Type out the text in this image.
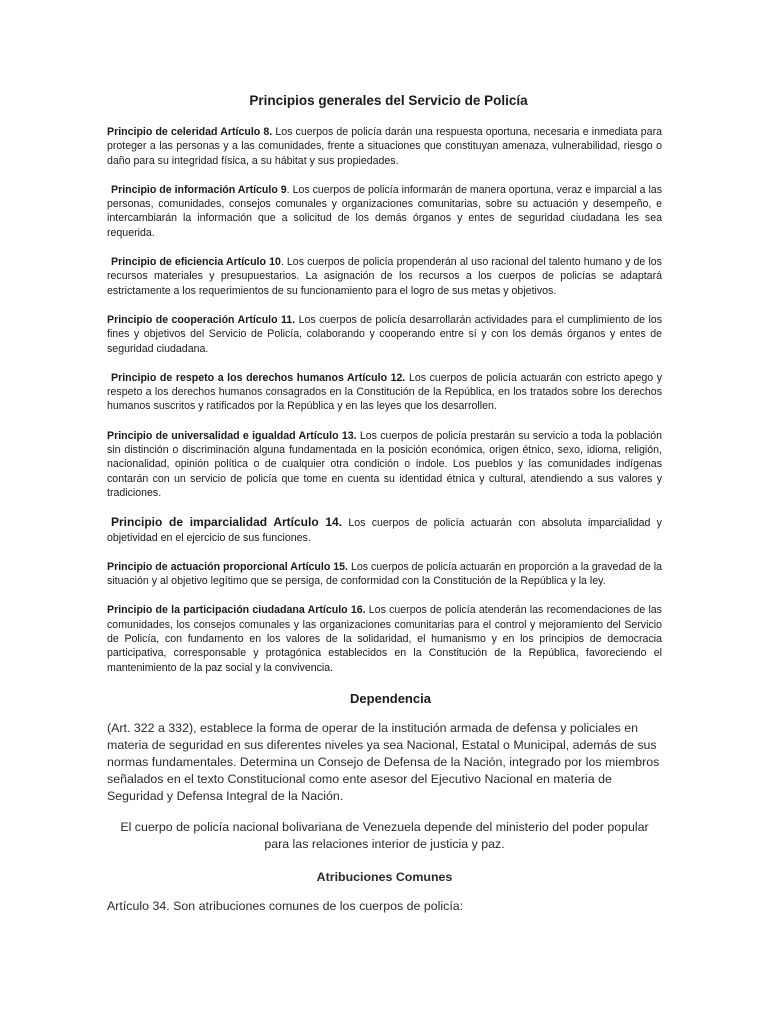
Principios generales del Servicio de Policía

Principio de celeridad Artículo 8. Los cuerpos de policía darán una respuesta oportuna, necesaria e inmediata para proteger a las personas y a las comunidades, frente a situaciones que constituyan amenaza, vulnerabilidad, riesgo o daño para su integridad física, a su hábitat y sus propiedades.

Principio de información Artículo 9. Los cuerpos de policía informarán de manera oportuna, veraz e imparcial a las personas, comunidades, consejos comunales y organizaciones comunitarias, sobre su actuación y desempeño, e intercambiarán la información que a solicitud de los demás órganos y entes de seguridad ciudadana les sea requerida.

Principio de eficiencia Artículo 10. Los cuerpos de policía propenderán al uso racional del talento humano y de los recursos materiales y presupuestarios. La asignación de los recursos a los cuerpos de policías se adaptará estrictamente a los requerimientos de su funcionamiento para el logro de sus metas y objetivos.

Principio de cooperación Artículo 11. Los cuerpos de policía desarrollarán actividades para el cumplimiento de los fines y objetivos del Servicio de Policía, colaborando y cooperando entre sí y con los demás órganos y entes de seguridad ciudadana.

Principio de respeto a los derechos humanos Artículo 12. Los cuerpos de policía actuarán con estricto apego y respeto a los derechos humanos consagrados en la Constitución de la República, en los tratados sobre los derechos humanos suscritos y ratificados por la República y en las leyes que los desarrollen.

Principio de universalidad e igualdad Artículo 13. Los cuerpos de policía prestarán su servicio a toda la población sin distinción o discriminación alguna fundamentada en la posición económica, origen étnico, sexo, idioma, religión, nacionalidad, opinión política o de cualquier otra condición o índole. Los pueblos y las comunidades indígenas contarán con un servicio de policía que tome en cuenta su identidad étnica y cultural, atendiendo a sus valores y tradiciones.

Principio de imparcialidad Artículo 14. Los cuerpos de policía actuarán con absoluta imparcialidad y objetividad en el ejercicio de sus funciones.

Principio de actuación proporcional Artículo 15. Los cuerpos de policía actuarán en proporción a la gravedad de la situación y al objetivo legítimo que se persiga, de conformidad con la Constitución de la República y la ley.

Principio de la participación ciudadana Artículo 16. Los cuerpos de policía atenderán las recomendaciones de las comunidades, los consejos comunales y las organizaciones comunitarias para el control y mejoramiento del Servicio de Policía, con fundamento en los valores de la solidaridad, el humanismo y en los principios de democracia participativa, corresponsable y protagónica establecidos en la Constitución de la República, favoreciendo el mantenimiento de la paz social y la convivencia.

Dependencia

(Art. 322 a 332), establece la forma de operar de la institución armada de defensa y policiales en materia de seguridad en sus diferentes niveles ya sea Nacional, Estatal o Municipal, además de sus normas fundamentales. Determina un Consejo de Defensa de la Nación, integrado por los miembros señalados en el texto Constitucional como ente asesor del Ejecutivo Nacional en materia de Seguridad y Defensa Integral de la Nación.

El cuerpo de policía nacional bolivariana de Venezuela depende del ministerio del poder popular para las relaciones interior de justicia y paz.

Atribuciones Comunes

Artículo 34. Son atribuciones comunes de los cuerpos de policía:
